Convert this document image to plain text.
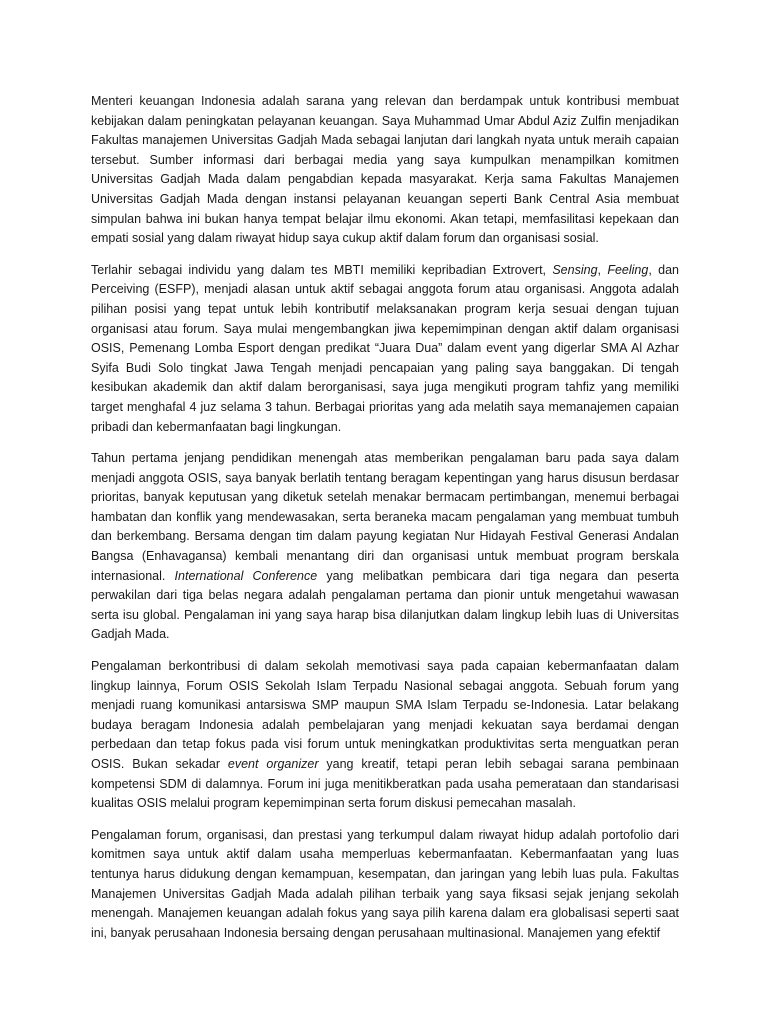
Menteri keuangan Indonesia adalah sarana yang relevan dan berdampak untuk kontribusi membuat kebijakan dalam peningkatan pelayanan keuangan. Saya Muhammad Umar Abdul Aziz Zulfin menjadikan Fakultas manajemen Universitas Gadjah Mada sebagai lanjutan dari langkah nyata untuk meraih capaian tersebut. Sumber informasi dari berbagai media yang saya kumpulkan menampilkan komitmen Universitas Gadjah Mada dalam pengabdian kepada masyarakat. Kerja sama Fakultas Manajemen Universitas Gadjah Mada dengan instansi pelayanan keuangan seperti Bank Central Asia membuat simpulan bahwa ini bukan hanya tempat belajar ilmu ekonomi. Akan tetapi, memfasilitasi kepekaan dan empati sosial yang dalam riwayat hidup saya cukup aktif dalam forum dan organisasi sosial.

Terlahir sebagai individu yang dalam tes MBTI memiliki kepribadian Extrovert, Sensing, Feeling, dan Perceiving (ESFP), menjadi alasan untuk aktif sebagai anggota forum atau organisasi. Anggota adalah pilihan posisi yang tepat untuk lebih kontributif melaksanakan program kerja sesuai dengan tujuan organisasi atau forum. Saya mulai mengembangkan jiwa kepemimpinan dengan aktif dalam organisasi OSIS, Pemenang Lomba Esport dengan predikat “Juara Dua” dalam event yang digerlar SMA Al Azhar Syifa Budi Solo tingkat Jawa Tengah menjadi pencapaian yang paling saya banggakan. Di tengah kesibukan akademik dan aktif dalam berorganisasi, saya juga mengikuti program tahfiz yang memiliki target menghafal 4 juz selama 3 tahun. Berbagai prioritas yang ada melatih saya memanajemen capaian pribadi dan kebermanfaatan bagi lingkungan.

Tahun pertama jenjang pendidikan menengah atas memberikan pengalaman baru pada saya dalam menjadi anggota OSIS, saya banyak berlatih tentang beragam kepentingan yang harus disusun berdasar prioritas, banyak keputusan yang diketuk setelah menakar bermacam pertimbangan, menemui berbagai hambatan dan konflik yang mendewasakan, serta beraneka macam pengalaman yang membuat tumbuh dan berkembang. Bersama dengan tim dalam payung kegiatan Nur Hidayah Festival Generasi Andalan Bangsa (Enhavagansa) kembali menantang diri dan organisasi untuk membuat program berskala internasional. International Conference yang melibatkan pembicara dari tiga negara dan peserta perwakilan dari tiga belas negara adalah pengalaman pertama dan pionir untuk mengetahui wawasan serta isu global. Pengalaman ini yang saya harap bisa dilanjutkan dalam lingkup lebih luas di Universitas Gadjah Mada.

Pengalaman berkontribusi di dalam sekolah memotivasi saya pada capaian kebermanfaatan dalam lingkup lainnya, Forum OSIS Sekolah Islam Terpadu Nasional sebagai anggota. Sebuah forum yang menjadi ruang komunikasi antarsiswa SMP maupun SMA Islam Terpadu se-Indonesia. Latar belakang budaya beragam Indonesia adalah pembelajaran yang menjadi kekuatan saya berdamai dengan perbedaan dan tetap fokus pada visi forum untuk meningkatkan produktivitas serta menguatkan peran OSIS. Bukan sekadar event organizer yang kreatif, tetapi peran lebih sebagai sarana pembinaan kompetensi SDM di dalamnya. Forum ini juga menitikberatkan pada usaha pemerataan dan standarisasi kualitas OSIS melalui program kepemimpinan serta forum diskusi pemecahan masalah.

Pengalaman forum, organisasi, dan prestasi yang terkumpul dalam riwayat hidup adalah portofolio dari komitmen saya untuk aktif dalam usaha memperluas kebermanfaatan. Kebermanfaatan yang luas tentunya harus didukung dengan kemampuan, kesempatan, dan jaringan yang lebih luas pula. Fakultas Manajemen Universitas Gadjah Mada adalah pilihan terbaik yang saya fiksasi sejak jenjang sekolah menengah. Manajemen keuangan adalah fokus yang saya pilih karena dalam era globalisasi seperti saat ini, banyak perusahaan Indonesia bersaing dengan perusahaan multinasional. Manajemen yang efektif
